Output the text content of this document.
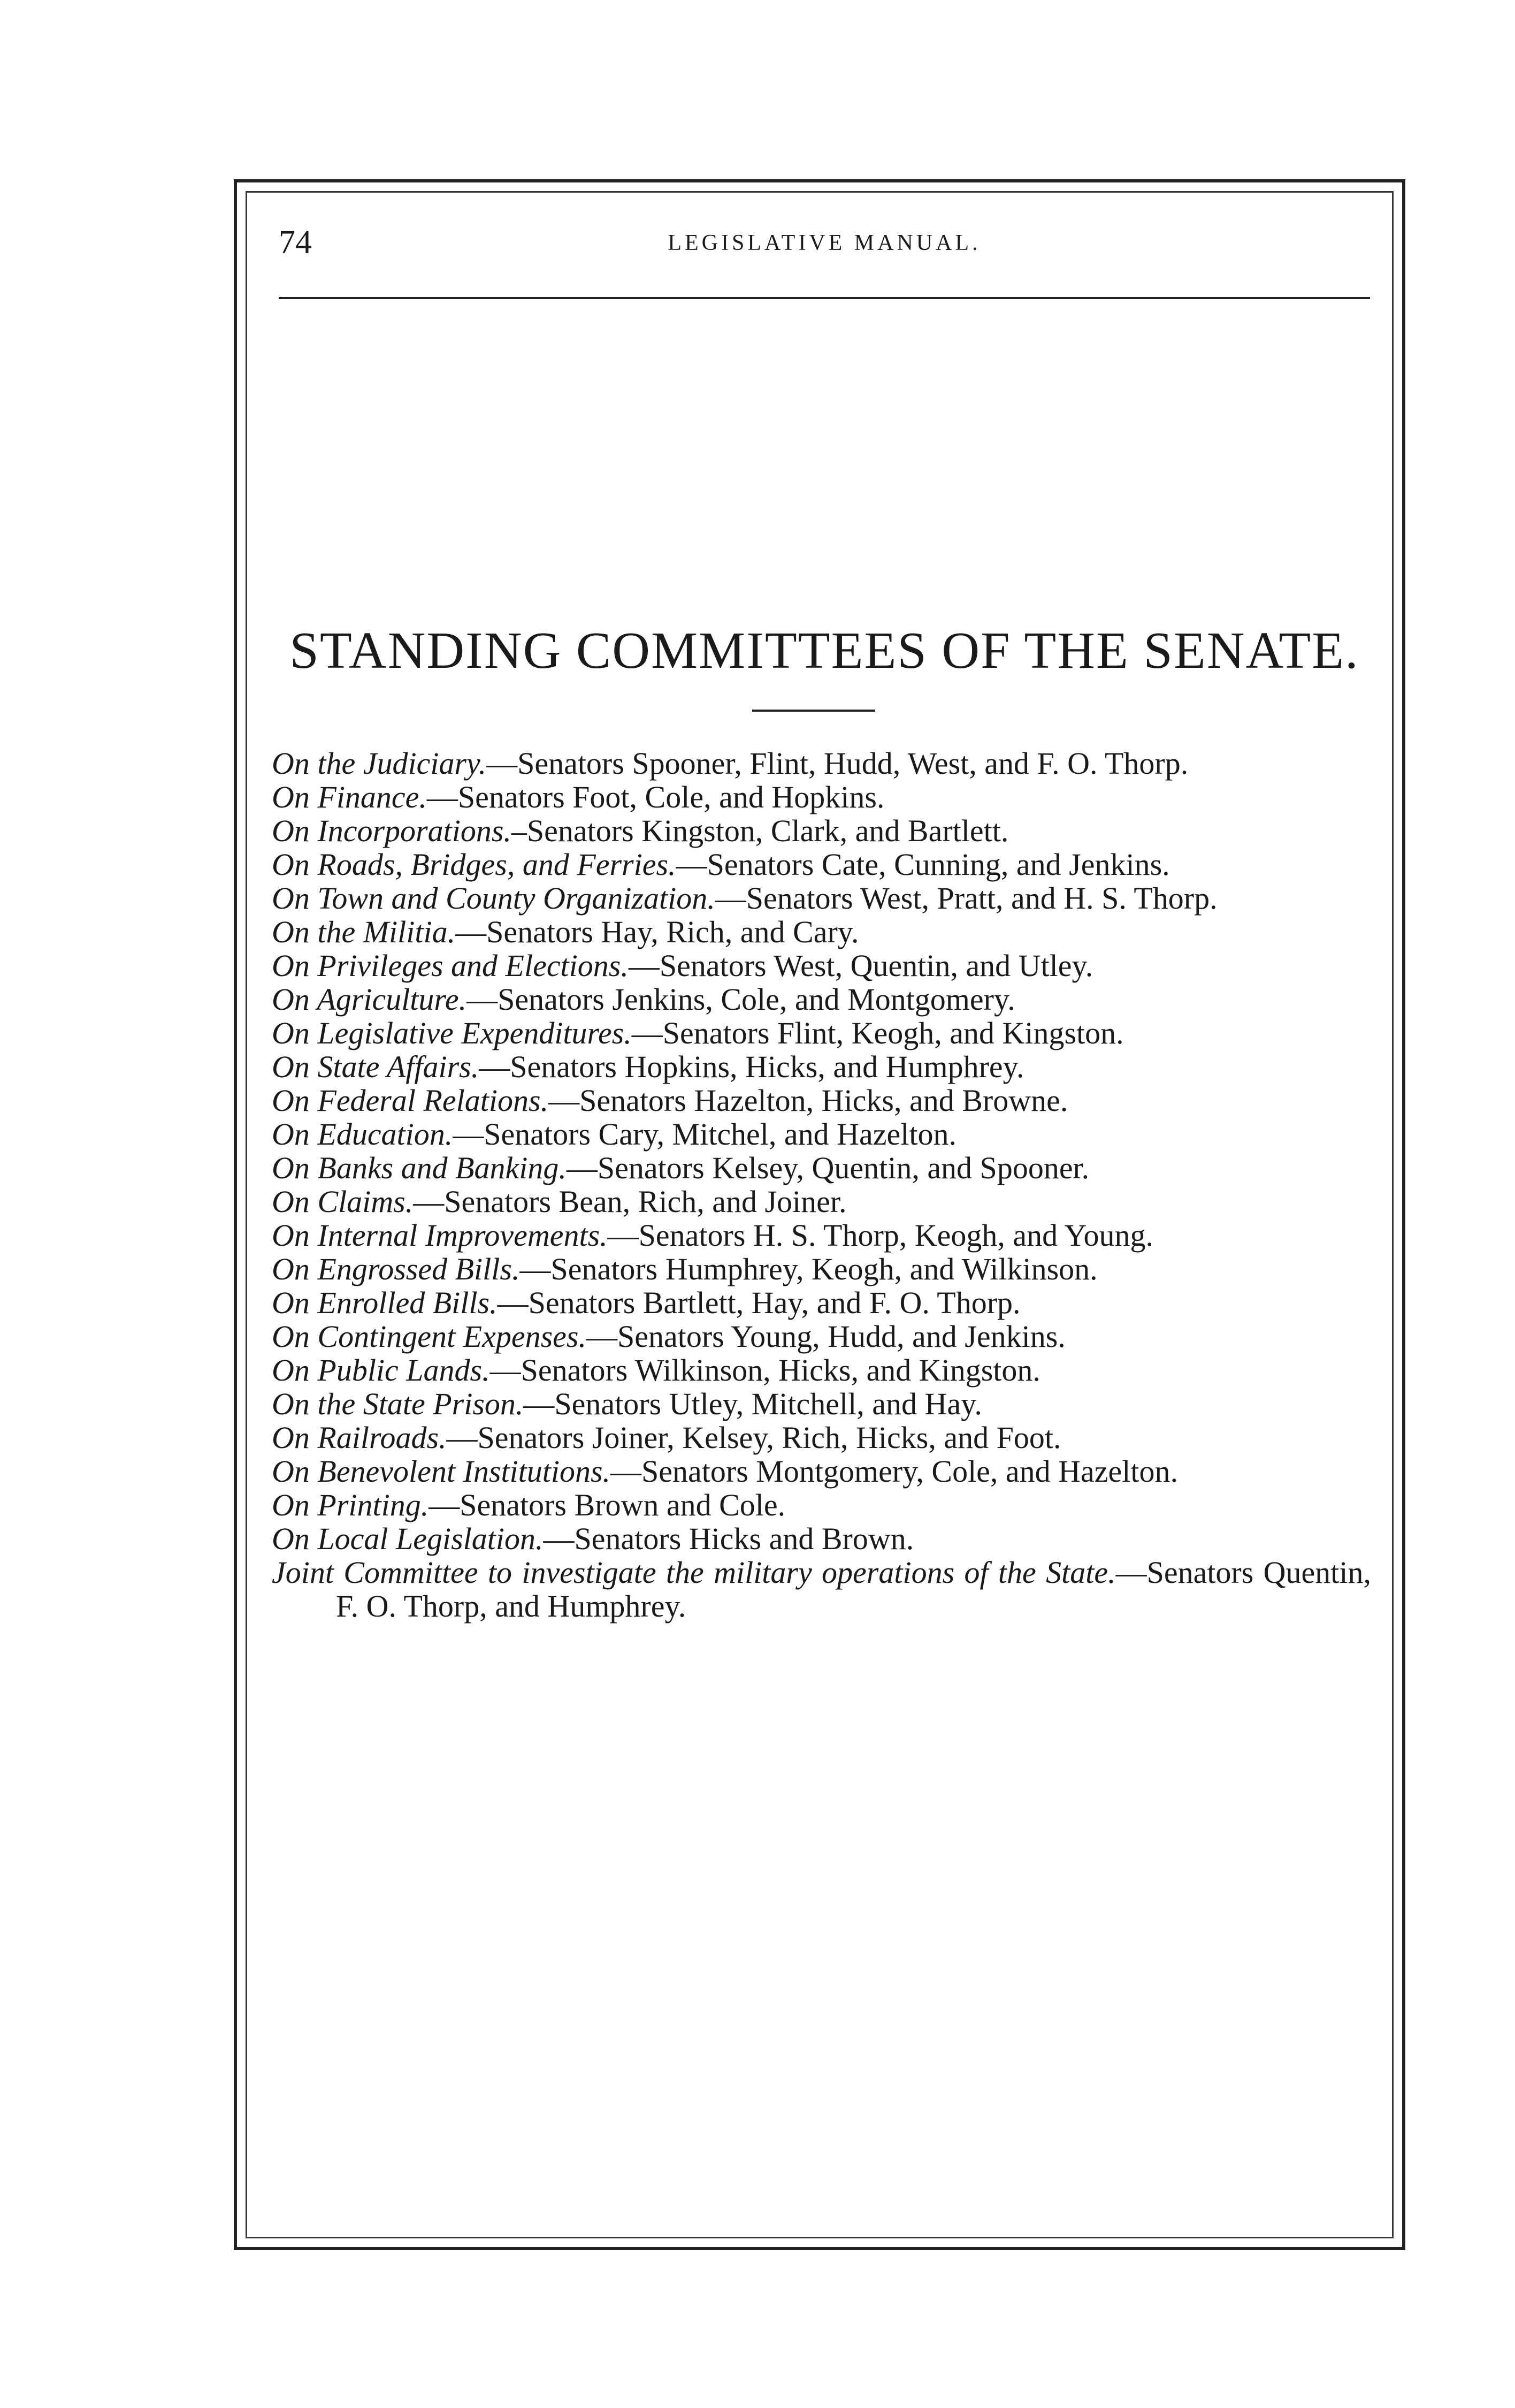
74	LEGISLATIVE MANUAL.
STANDING COMMITTEES OF THE SENATE.
On the Judiciary.—Senators Spooner, Flint, Hudd, West, and F. O. Thorp.
On Finance.—Senators Foot, Cole, and Hopkins.
On Incorporations.–Senators Kingston, Clark, and Bartlett.
On Roads, Bridges, and Ferries.—Senators Cate, Cunning, and Jenkins.
On Town and County Organization.—Senators West, Pratt, and H. S. Thorp.
On the Militia.—Senators Hay, Rich, and Cary.
On Privileges and Elections.—Senators West, Quentin, and Utley.
On Agriculture.—Senators Jenkins, Cole, and Montgomery.
On Legislative Expenditures.—Senators Flint, Keogh, and Kingston.
On State Affairs.—Senators Hopkins, Hicks, and Humphrey.
On Federal Relations.—Senators Hazelton, Hicks, and Browne.
On Education.—Senators Cary, Mitchel, and Hazelton.
On Banks and Banking.—Senators Kelsey, Quentin, and Spooner.
On Claims.—Senators Bean, Rich, and Joiner.
On Internal Improvements.—Senators H. S. Thorp, Keogh, and Young.
On Engrossed Bills.—Senators Humphrey, Keogh, and Wilkinson.
On Enrolled Bills.—Senators Bartlett, Hay, and F. O. Thorp.
On Contingent Expenses.—Senators Young, Hudd, and Jenkins.
On Public Lands.—Senators Wilkinson, Hicks, and Kingston.
On the State Prison.—Senators Utley, Mitchell, and Hay.
On Railroads.—Senators Joiner, Kelsey, Rich, Hicks, and Foot.
On Benevolent Institutions.—Senators Montgomery, Cole, and Hazelton.
On Printing.—Senators Brown and Cole.
On Local Legislation.—Senators Hicks and Brown.
Joint Committee to investigate the military operations of the State.—Senators Quentin, F. O. Thorp, and Humphrey.
